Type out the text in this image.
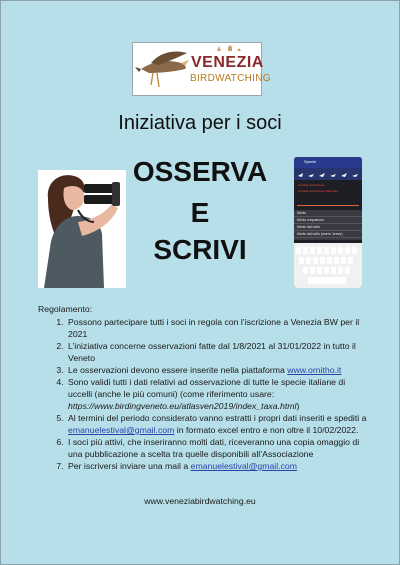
VENEZIA
BIRDWATCHING
Iniziativa per i soci
OSSERVA
E
SCRIVI
Specie
Località selezionata
Località selezionata dalla lista
Morto
Morto crepuscolo
Morte dal volto
Morte dal volto (esem. breve)
Regolamento:
1. Possono partecipare tutti i soci in regola con l’iscrizione a Venezia BW per il 2021
2. L’iniziativa concerne osservazioni fatte dal 1/8/2021 al 31/01/2022 in tutto il Veneto
3. Le osservazioni devono essere inserite nella piattaforma www.ornitho.it
4. Sono validi tutti i dati relativi ad osservazione di tutte le specie italiane di uccelli (anche le più comuni) (come riferimento usare: https://www.birdingveneto.eu/atlasven2019/index_taxa.html)
5. Al termini del periodo considerato vanno estratti i propri dati inseriti e spediti a emanuelestival@gmail.com in formato excel entro e non oltre il 10/02/2022.
6. I soci più attivi, che inseriranno molti dati, riceveranno una copia omaggio di una pubblicazione a scelta tra quelle disponibili all’Associazione
7. Per iscriversi inviare una mail a emanuelestival@gmail.com
www.veneziabirdwatching.eu
